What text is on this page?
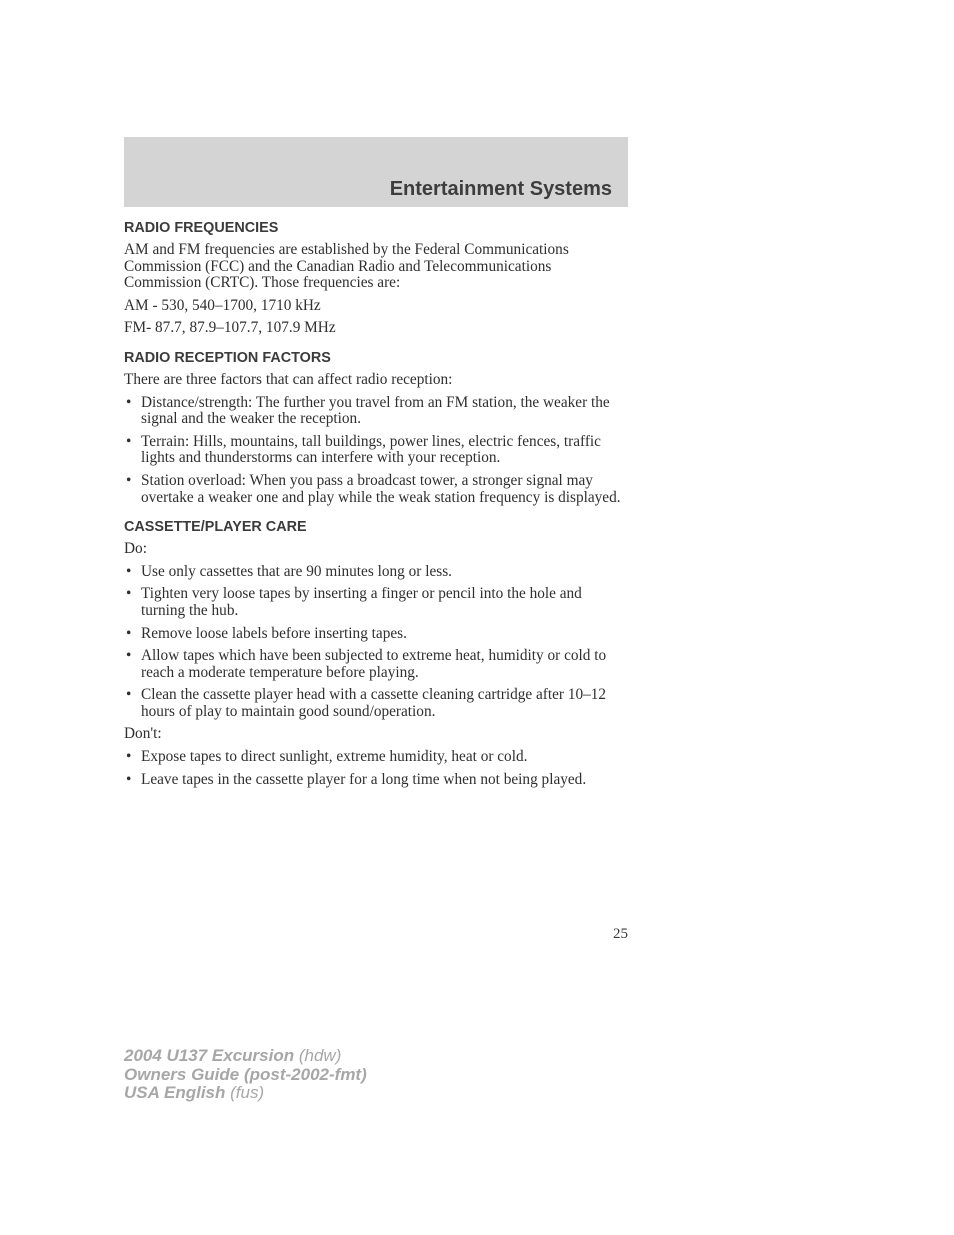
Entertainment Systems
RADIO FREQUENCIES

AM and FM frequencies are established by the Federal Communications Commission (FCC) and the Canadian Radio and Telecommunications Commission (CRTC). Those frequencies are:

AM - 530, 540–1700, 1710 kHz

FM- 87.7, 87.9–107.7, 107.9 MHz

RADIO RECEPTION FACTORS

There are three factors that can affect radio reception:

• Distance/strength: The further you travel from an FM station, the weaker the signal and the weaker the reception.
• Terrain: Hills, mountains, tall buildings, power lines, electric fences, traffic lights and thunderstorms can interfere with your reception.
• Station overload: When you pass a broadcast tower, a stronger signal may overtake a weaker one and play while the weak station frequency is displayed.
CASSETTE/PLAYER CARE

Do:

• Use only cassettes that are 90 minutes long or less.
• Tighten very loose tapes by inserting a finger or pencil into the hole and turning the hub.
• Remove loose labels before inserting tapes.
• Allow tapes which have been subjected to extreme heat, humidity or cold to reach a moderate temperature before playing.
• Clean the cassette player head with a cassette cleaning cartridge after 10–12 hours of play to maintain good sound/operation.

Don't:

• Expose tapes to direct sunlight, extreme humidity, heat or cold.
• Leave tapes in the cassette player for a long time when not being played.
25
2004 U137 Excursion (hdw)
Owners Guide (post-2002-fmt)
USA English (fus)
